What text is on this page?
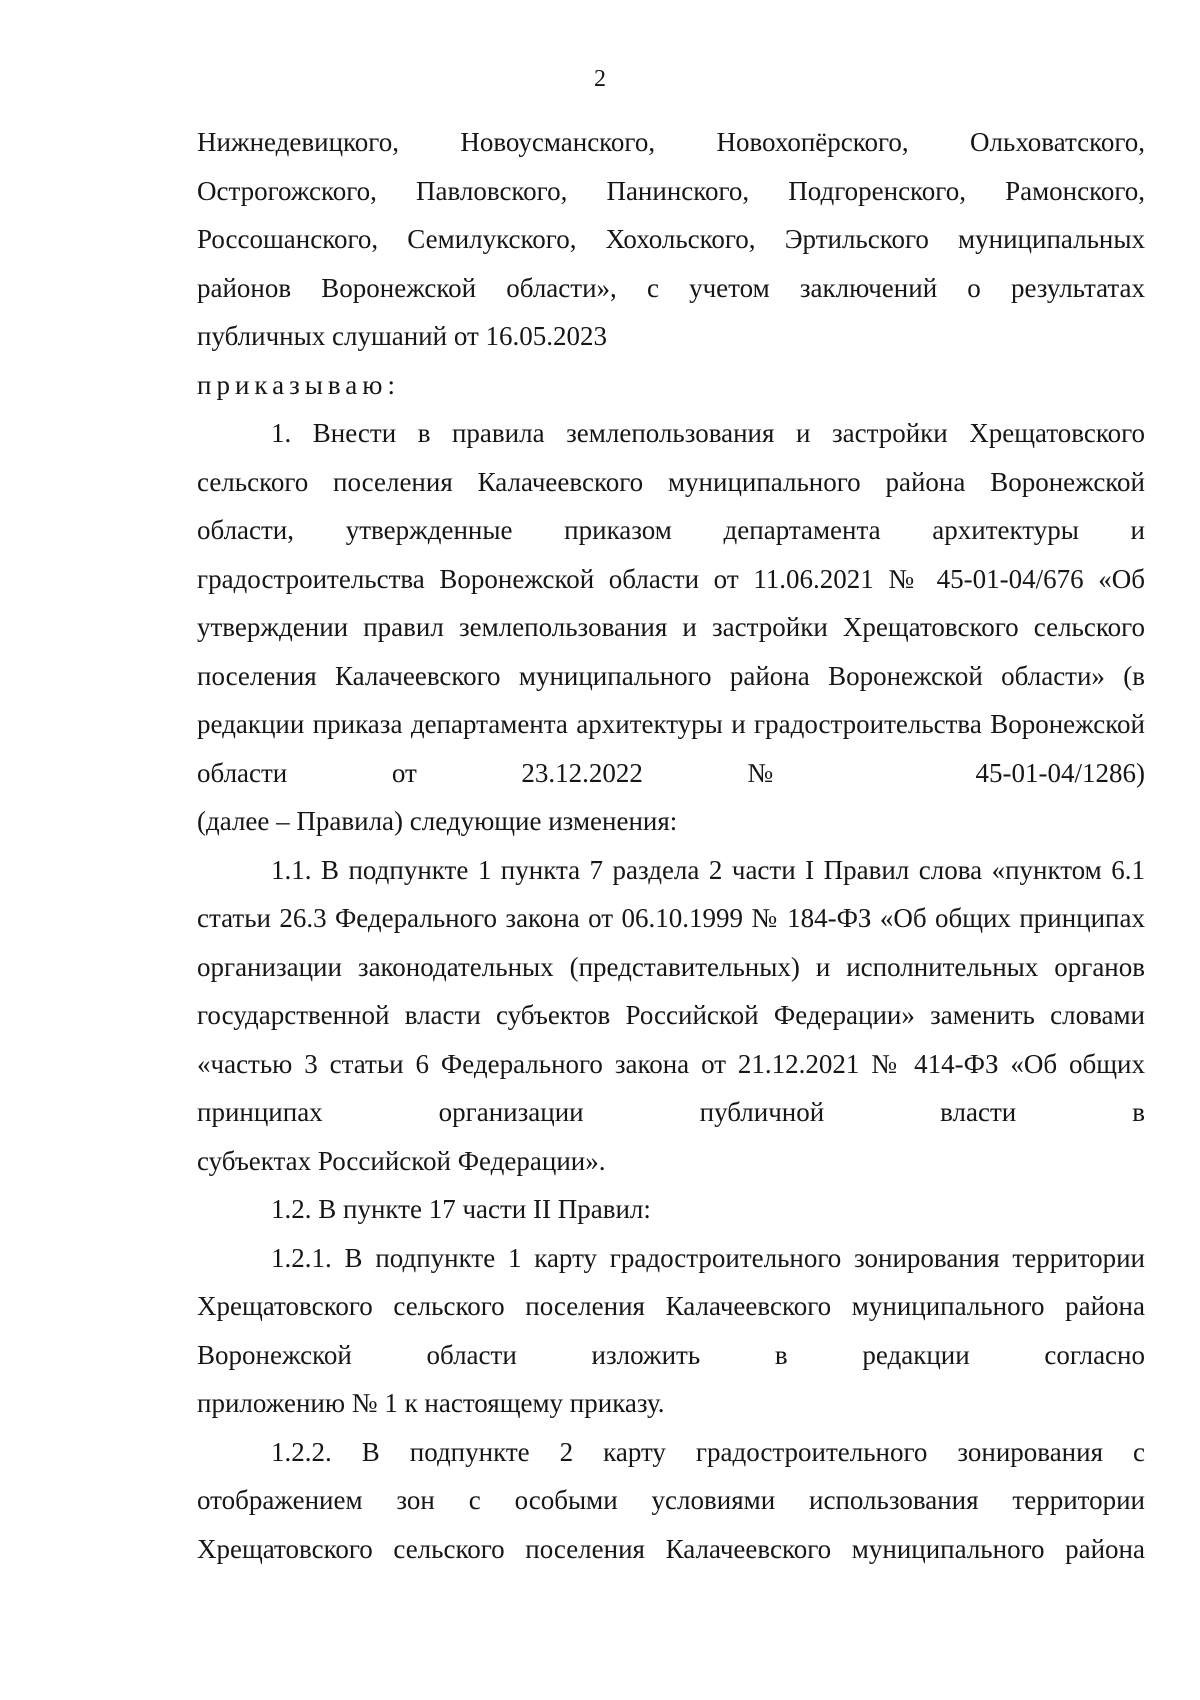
2

Нижнедевицкого, Новоусманского, Новохопёрского, Ольховатского, Острогожского, Павловского, Панинского, Подгоренского, Рамонского, Россошанского, Семилукского, Хохольского, Эртильского муниципальных районов Воронежской области», с учетом заключений о результатах

публичных слушаний от 16.05.2023
приказываю:

1. Внести в правила землепользования и застройки Хрещатовского сельского поселения Калачеевского муниципального района Воронежской области, утвержденные приказом департамента архитектуры и градостроительства Воронежской области от 11.06.2021 № 45-01-04/676 «Об утверждении правил землепользования и застройки Хрещатовского сельского поселения Калачеевского муниципального района Воронежской области» (в редакции приказа департамента архитектуры и градостроительства Воронежской области от 23.12.2022 № 45-01-04/1286)

(далее – Правила) следующие изменения:

1.1. В подпункте 1 пункта 7 раздела 2 части I Правил слова «пунктом 6.1 статьи 26.3 Федерального закона от 06.10.1999 № 184-ФЗ «Об общих принципах организации законодательных (представительных) и исполнительных органов государственной власти субъектов Российской Федерации» заменить словами «частью 3 статьи 6 Федерального закона от 21.12.2021 № 414-ФЗ «Об общих принципах организации публичной власти в

субъектах Российской Федерации».
1.2. В пункте 17 части II Правил:

1.2.1. В подпункте 1 карту градостроительного зонирования территории Хрещатовского сельского поселения Калачеевского муниципального района Воронежской области изложить в редакции согласно

приложению № 1 к настоящему приказу.

1.2.2. В подпункте 2 карту градостроительного зонирования с отображением зон с особыми условиями использования территории Хрещатовского сельского поселения Калачеевского муниципального района
